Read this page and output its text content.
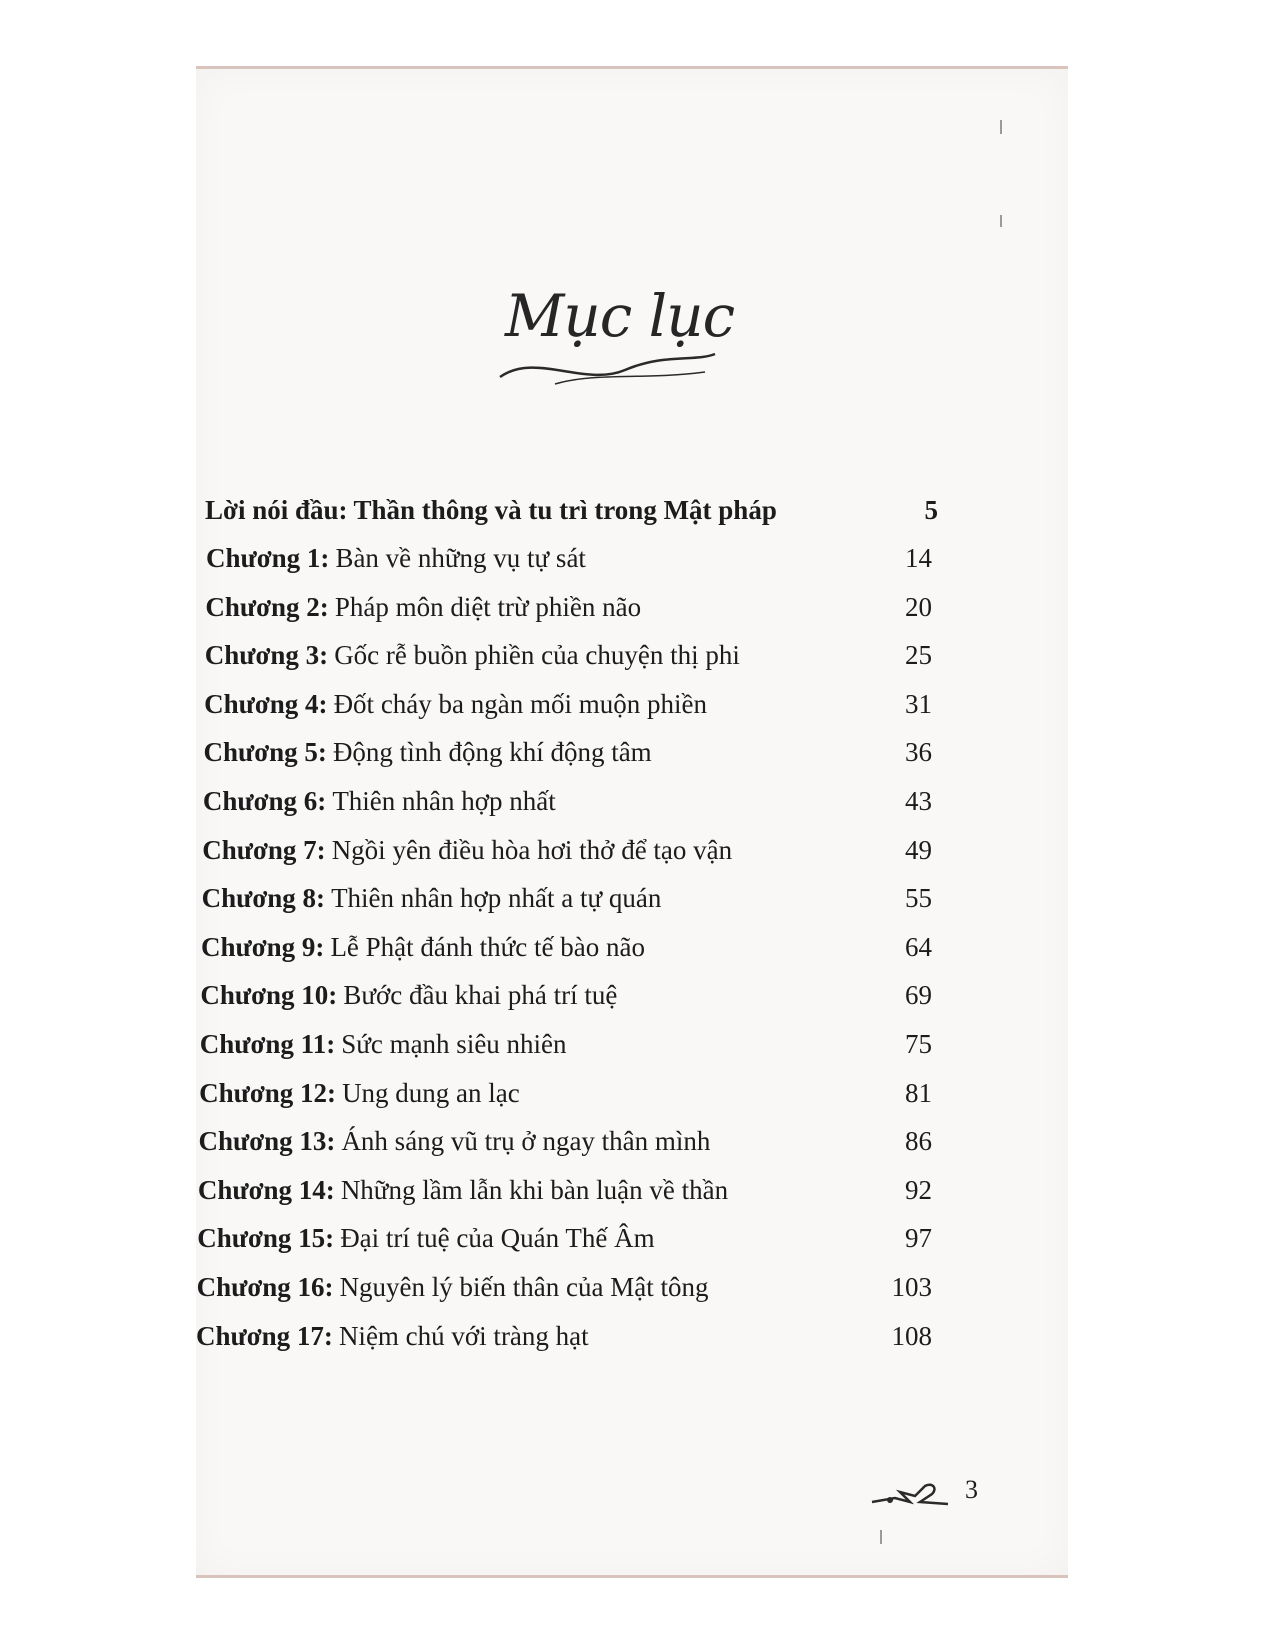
Mục lục
Lời nói đầu: Thần thông và tu trì trong Mật pháp	5
Chương 1: Bàn về những vụ tự sát	14
Chương 2: Pháp môn diệt trừ phiền não	20
Chương 3: Gốc rễ buồn phiền của chuyện thị phi	25
Chương 4: Đốt cháy ba ngàn mối muộn phiền	31
Chương 5: Động tình động khí động tâm	36
Chương 6: Thiên nhân hợp nhất	43
Chương 7: Ngồi yên điều hòa hơi thở để tạo vận	49
Chương 8: Thiên nhân hợp nhất a tự quán	55
Chương 9: Lễ Phật đánh thức tế bào não	64
Chương 10: Bước đầu khai phá trí tuệ	69
Chương 11: Sức mạnh siêu nhiên	75
Chương 12: Ung dung an lạc	81
Chương 13: Ánh sáng vũ trụ ở ngay thân mình	86
Chương 14: Những lầm lẫn khi bàn luận về thần	92
Chương 15: Đại trí tuệ của Quán Thế Âm	97
Chương 16: Nguyên lý biến thân của Mật tông	103
Chương 17: Niệm chú với tràng hạt	108
3
